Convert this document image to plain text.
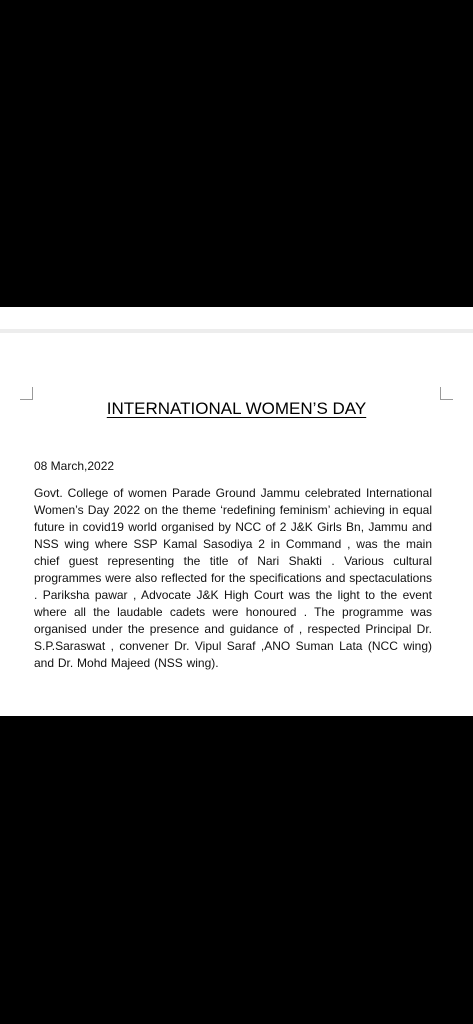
INTERNATIONAL WOMEN’S DAY
08 March,2022
Govt. College of women Parade Ground Jammu celebrated International Women’s Day 2022 on the theme ‘redefining feminism’ achieving in equal future in covid19 world organised by NCC of 2 J&K Girls Bn, Jammu and NSS wing where SSP Kamal Sasodiya 2 in Command , was the main chief guest representing the title of Nari Shakti . Various cultural programmes were also reflected for the specifications and spectaculations . Pariksha pawar , Advocate J&K High Court was the light to the event where all the laudable cadets were honoured . The programme was organised under the presence and guidance of , respected Principal Dr. S.P.Saraswat , convener Dr. Vipul Saraf ,ANO Suman Lata (NCC wing) and Dr. Mohd Majeed (NSS wing).
